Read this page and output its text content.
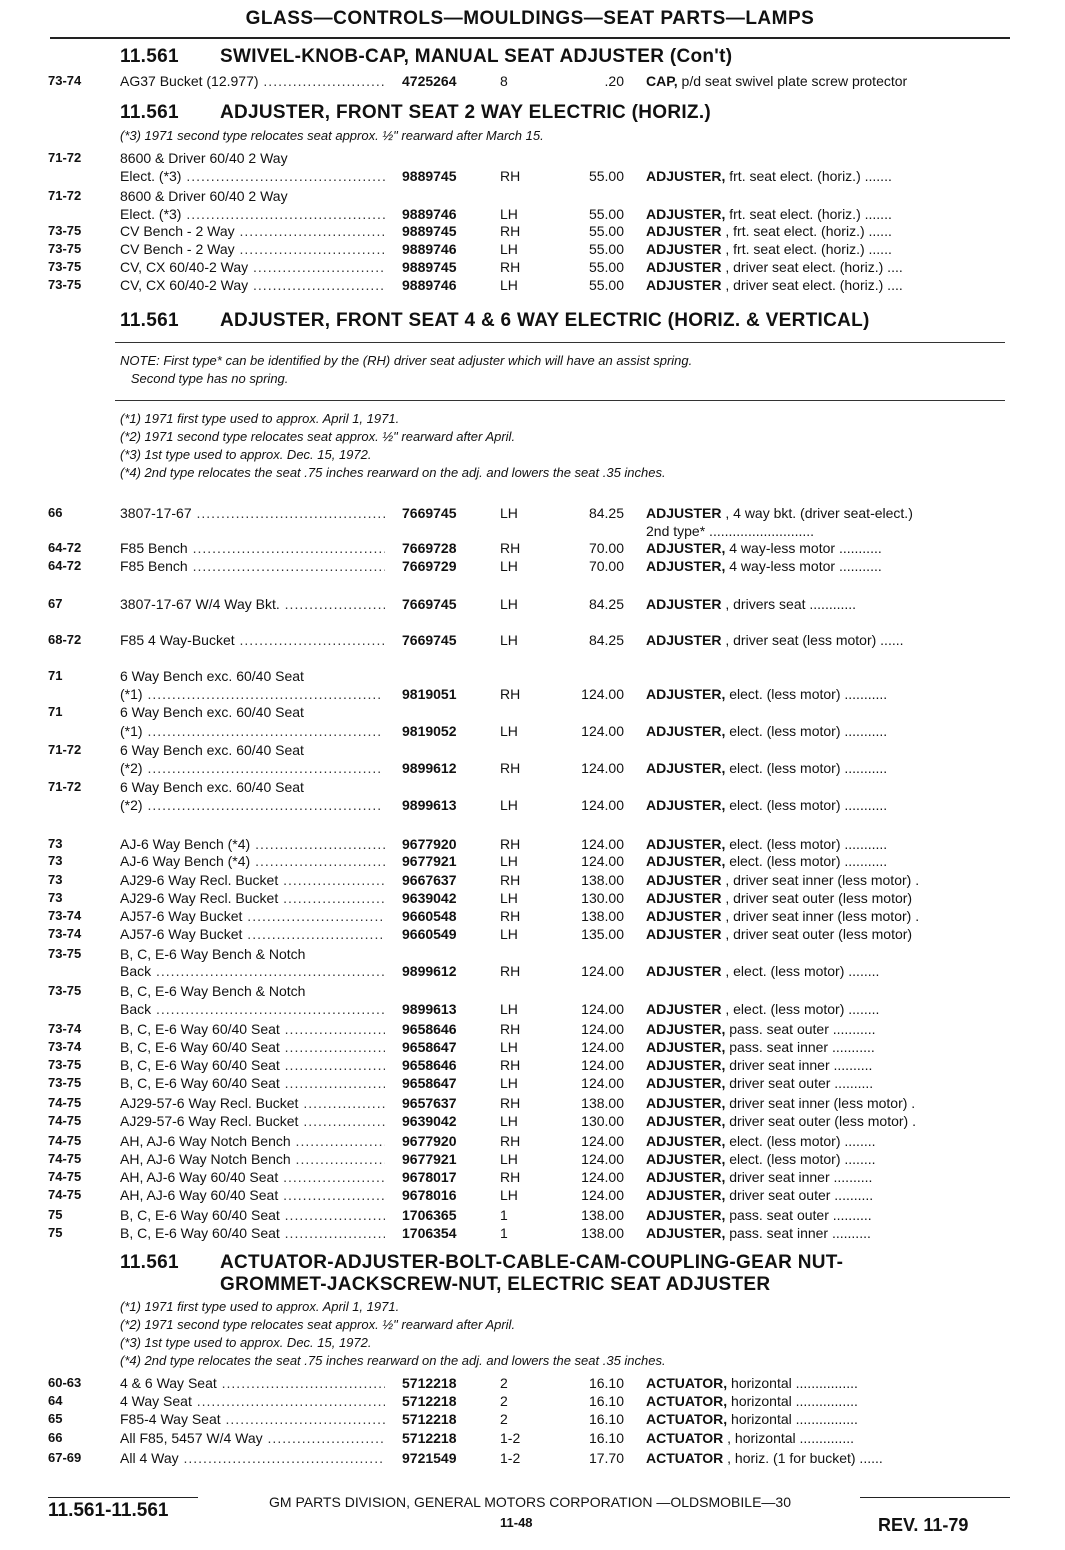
GLASS—CONTROLS—MOULDINGS—SEAT PARTS—LAMPS
11.561 SWIVEL-KNOB-CAP, MANUAL SEAT ADJUSTER (Con't)
11.561 ADJUSTER, FRONT SEAT 2 WAY ELECTRIC (HORIZ.)
(*3) 1971 second type relocates seat approx. ½" rearward after March 15.
11.561 ADJUSTER, FRONT SEAT 4 & 6 WAY ELECTRIC (HORIZ. & VERTICAL)
NOTE: First type* can be identified by the (RH) driver seat adjuster which will have an assist spring.
Second type has no spring.
(*1) 1971 first type used to approx. April 1, 1971.
(*2) 1971 second type relocates seat approx. ½" rearward after April.
(*3) 1st type used to approx. Dec. 15, 1972.
(*4) 2nd type relocates the seat .75 inches rearward on the adj. and lowers the seat .35 inches.
11.561 ACTUATOR-ADJUSTER-BOLT-CABLE-CAM-COUPLING-GEAR NUT-
GROMMET-JACKSCREW-NUT, ELECTRIC SEAT ADJUSTER
(*1) 1971 first type used to approx. April 1, 1971.
(*2) 1971 second type relocates seat approx. ½" rearward after April.
(*3) 1st type used to approx. Dec. 15, 1972.
(*4) 2nd type relocates the seat .75 inches rearward on the adj. and lowers the seat .35 inches.
73-74	AG37 Bucket (12.977) .....	4725264	8	.20 CAP, p/d seat swivel plate screw protector
71-72	8600 & Driver 60/40 2 Way
Elect. (*3) .....	9889745	RH	55.00 ADJUSTER, frt. seat elect. (horiz.) .......
71-72	8600 & Driver 60/40 2 Way
Elect. (*3) .....	9889746	LH	55.00 ADJUSTER, frt. seat elect. (horiz.) .......
73-75	CV Bench - 2 Way .....	9889745	RH	55.00 ADJUSTER , frt. seat elect. (horiz.) ......
73-75	CV Bench - 2 Way .....	9889746	LH	55.00 ADJUSTER , frt. seat elect. (horiz.) ......
73-75	CV, CX 60/40-2 Way .....	9889745	RH	55.00 ADJUSTER , driver seat elect. (horiz.) ....
73-75	CV, CX 60/40-2 Way .....	9889746	LH	55.00 ADJUSTER , driver seat elect. (horiz.) ....
66	3807-17-67 .....	7669745	LH	84.25 ADJUSTER , 4 way bkt. (driver seat-elect.)
2nd type* ...........................
64-72	F85 Bench .....	7669728	RH	70.00 ADJUSTER, 4 way-less motor ...........
64-72	F85 Bench .....	7669729	LH	70.00 ADJUSTER, 4 way-less motor ...........
67	3807-17-67 W/4 Way Bkt. .....	7669745	LH	84.25 ADJUSTER , drivers seat ............
68-72	F85 4 Way-Bucket .....	7669745	LH	84.25 ADJUSTER , driver seat (less motor) ......
71	6 Way Bench exc. 60/40 Seat
(*1) .....	9819051	RH	124.00 ADJUSTER, elect. (less motor) ...........
71	6 Way Bench exc. 60/40 Seat
(*1) .....	9819052	LH	124.00 ADJUSTER, elect. (less motor) ...........
71-72	6 Way Bench exc. 60/40 Seat
(*2) .....	9899612	RH	124.00 ADJUSTER, elect. (less motor) ...........
71-72	6 Way Bench exc. 60/40 Seat
(*2) .....	9899613	LH	124.00 ADJUSTER, elect. (less motor) ...........
73	AJ-6 Way Bench (*4) .....	9677920	RH	124.00 ADJUSTER, elect. (less motor) ...........
73	AJ-6 Way Bench (*4) .....	9677921	LH	124.00 ADJUSTER, elect. (less motor) ...........
73	AJ29-6 Way Recl. Bucket .....	9667637	RH	138.00 ADJUSTER , driver seat inner (less motor) .
73	AJ29-6 Way Recl. Bucket .....	9639042	LH	130.00 ADJUSTER , driver seat outer (less motor)
73-74	AJ57-6 Way Bucket .....	9660548	RH	138.00 ADJUSTER , driver seat inner (less motor) .
73-74	AJ57-6 Way Bucket .....	9660549	LH	135.00 ADJUSTER , driver seat outer (less motor)
73-75	B, C, E-6 Way Bench & Notch
Back .....	9899612	RH	124.00 ADJUSTER , elect. (less motor) ........
73-75	B, C, E-6 Way Bench & Notch
Back .....	9899613	LH	124.00 ADJUSTER , elect. (less motor) ........
73-74	B, C, E-6 Way 60/40 Seat .....	9658646	RH	124.00 ADJUSTER, pass. seat outer ...........
73-74	B, C, E-6 Way 60/40 Seat .....	9658647	LH	124.00 ADJUSTER, pass. seat inner ...........
73-75	B, C, E-6 Way 60/40 Seat .....	9658646	RH	124.00 ADJUSTER, driver seat inner ..........
73-75	B, C, E-6 Way 60/40 Seat .....	9658647	LH	124.00 ADJUSTER, driver seat outer ..........
74-75	AJ29-57-6 Way Recl. Bucket .....	9657637	RH	138.00 ADJUSTER, driver seat inner (less motor) .
74-75	AJ29-57-6 Way Recl. Bucket .....	9639042	LH	130.00 ADJUSTER, driver seat outer (less motor) .
74-75	AH, AJ-6 Way Notch Bench .....	9677920	RH	124.00 ADJUSTER, elect. (less motor) ........
74-75	AH, AJ-6 Way Notch Bench .....	9677921	LH	124.00 ADJUSTER, elect. (less motor) ........
74-75	AH, AJ-6 Way 60/40 Seat .....	9678017	RH	124.00 ADJUSTER, driver seat inner ..........
74-75	AH, AJ-6 Way 60/40 Seat .....	9678016	LH	124.00 ADJUSTER, driver seat outer ..........
75	B, C, E-6 Way 60/40 Seat .....	1706365	1	138.00 ADJUSTER, pass. seat outer ..........
75	B, C, E-6 Way 60/40 Seat .....	1706354	1	138.00 ADJUSTER, pass. seat inner ..........
60-63	4 & 6 Way Seat .....	5712218	2	16.10 ACTUATOR, horizontal ................
64	4 Way Seat .....	5712218	2	16.10 ACTUATOR, horizontal ................
65	F85-4 Way Seat .....	5712218	2	16.10 ACTUATOR, horizontal ................
66	All F85, 5457 W/4 Way .....	5712218	1-2	16.10 ACTUATOR , horizontal ..............
67-69	All 4 Way .....	9721549	1-2	17.70 ACTUATOR , horiz. (1 for bucket) ......
GM PARTS DIVISION, GENERAL MOTORS CORPORATION —OLDSMOBILE—30
11.561-11.561
11-48	REV. 11-79
